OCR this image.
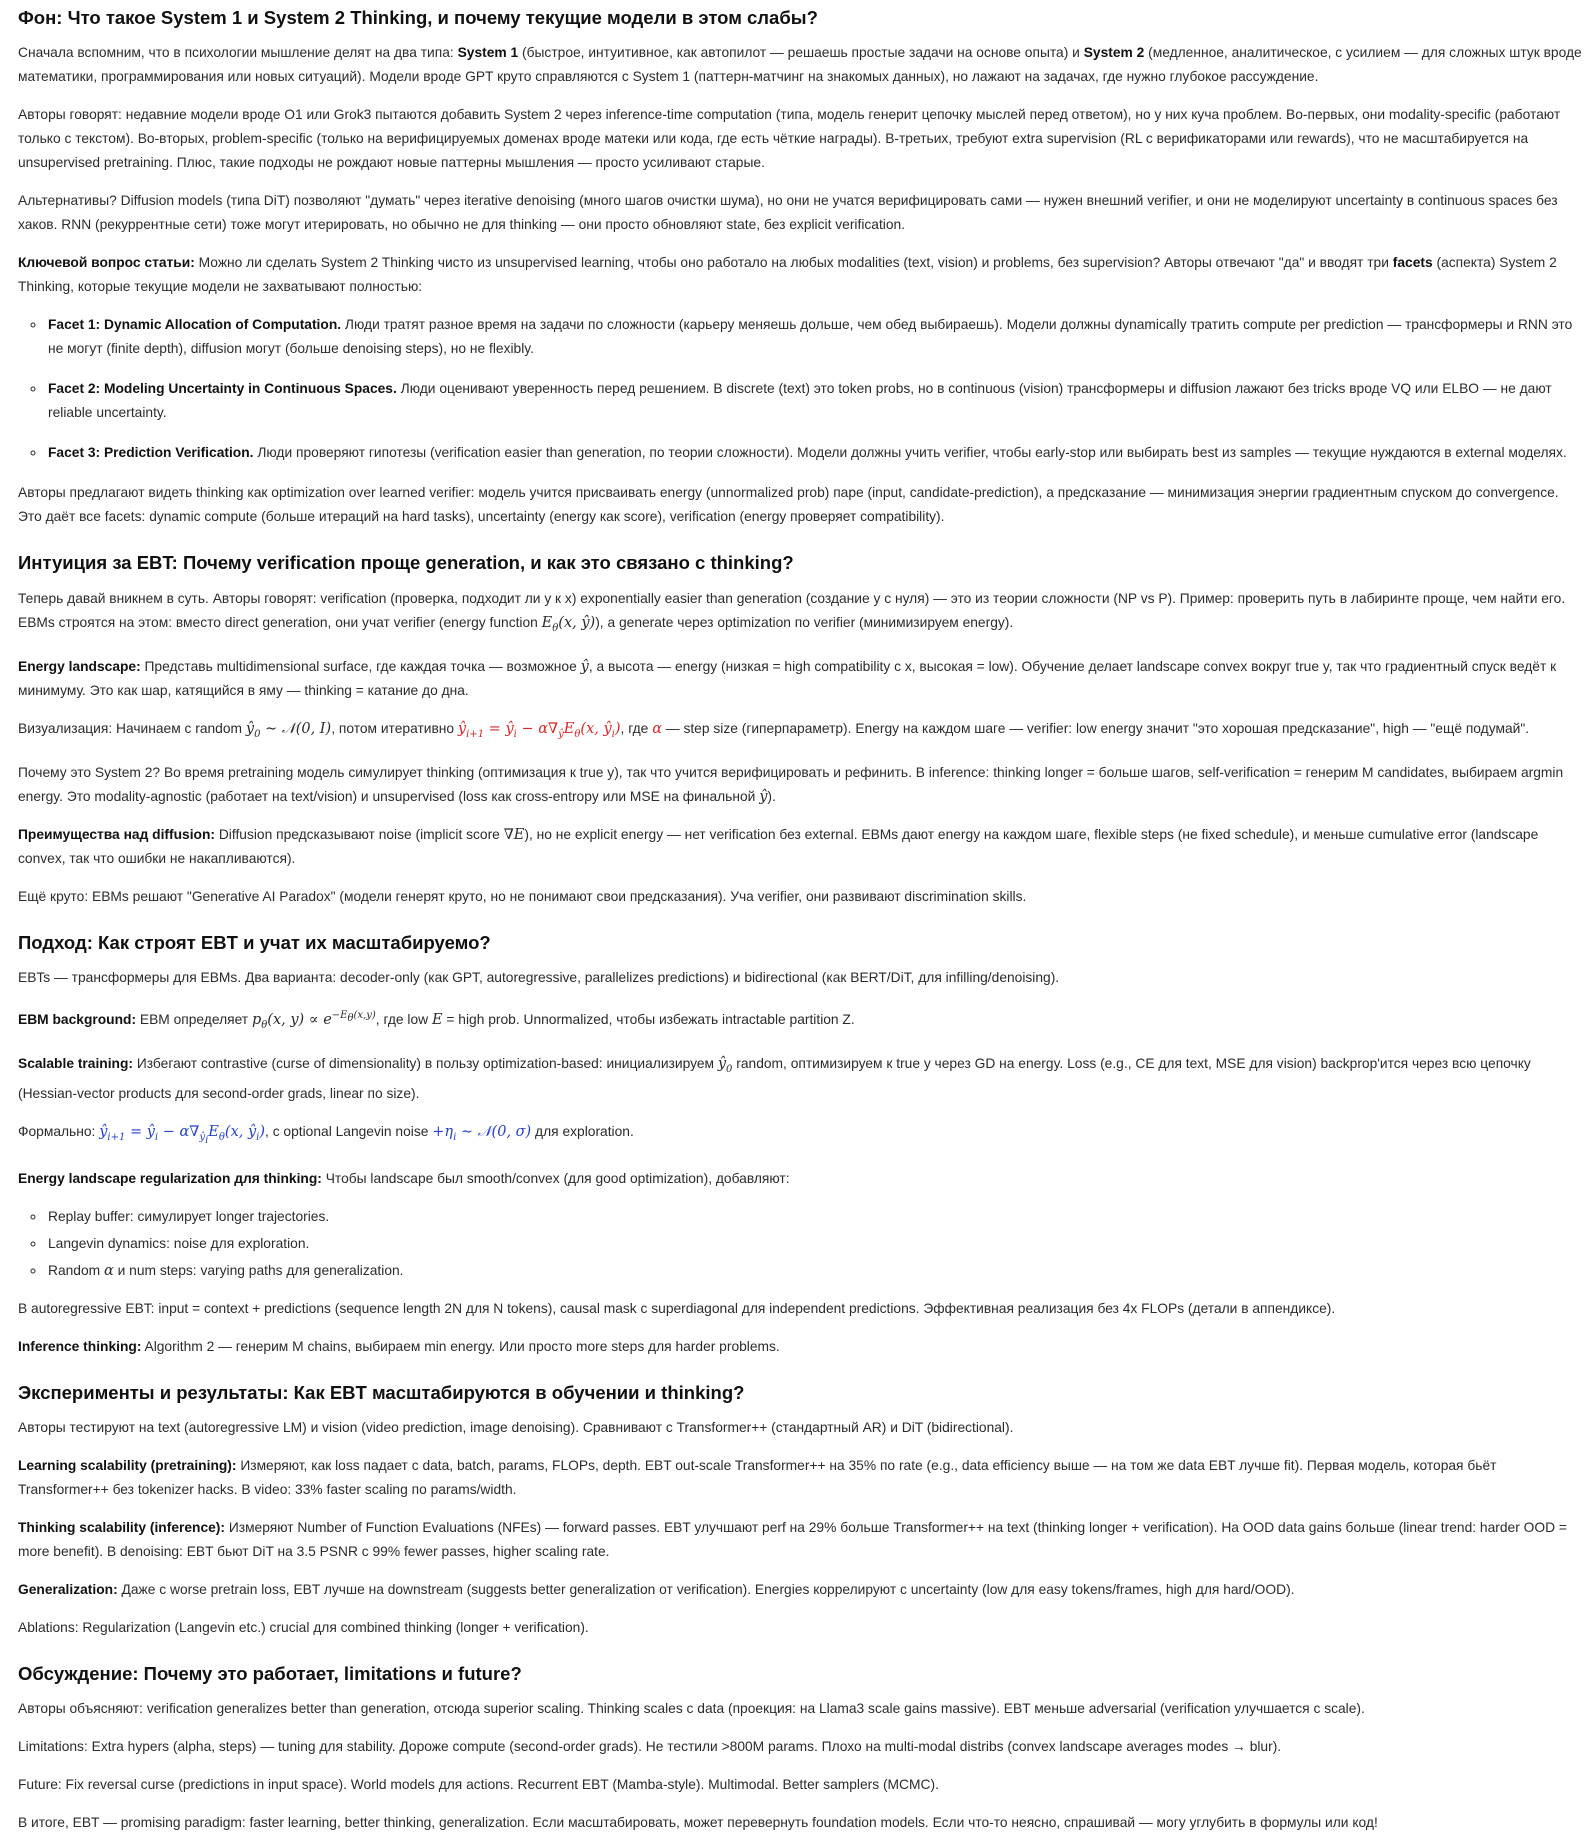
Фон: Что такое System 1 и System 2 Thinking, и почему текущие модели в этом слабы?

Сначала вспомним, что в психологии мышление делят на два типа: System 1 (быстрое, интуитивное, как автопилот — решаешь простые задачи на основе опыта) и System 2 (медленное, аналитическое, с усилием — для сложных штук вроде математики, программирования или новых ситуаций). Модели вроде GPT круто справляются с System 1 (паттерн-матчинг на знакомых данных), но лажают на задачах, где нужно глубокое рассуждение.

Авторы говорят: недавние модели вроде O1 или Grok3 пытаются добавить System 2 через inference-time computation (типа, модель генерит цепочку мыслей перед ответом), но у них куча проблем. Во-первых, они modality-specific (работают только с текстом). Во-вторых, problem-specific (только на верифицируемых доменах вроде матеки или кода, где есть чёткие награды). В-третьих, требуют extra supervision (RL с верификаторами или rewards), что не масштабируется на unsupervised pretraining. Плюс, такие подходы не рождают новые паттерны мышления — просто усиливают старые.

Альтернативы? Diffusion models (типа DiT) позволяют "думать" через iterative denoising (много шагов очистки шума), но они не учатся верифицировать сами — нужен внешний verifier, и они не моделируют uncertainty в continuous spaces без хаков. RNN (рекуррентные сети) тоже могут итерировать, но обычно не для thinking — они просто обновляют state, без explicit verification.

Ключевой вопрос статьи: Можно ли сделать System 2 Thinking чисто из unsupervised learning, чтобы оно работало на любых modalities (text, vision) и problems, без supervision? Авторы отвечают "да" и вводят три facets (аспекта) System 2 Thinking, которые текущие модели не захватывают полностью:

◦ Facet 1: Dynamic Allocation of Computation. Люди тратят разное время на задачи по сложности (карьеру меняешь дольше, чем обед выбираешь). Модели должны dynamically тратить compute per prediction — трансформеры и RNN это не могут (finite depth), diffusion могут (больше denoising steps), но не flexibly.
◦ Facet 2: Modeling Uncertainty in Continuous Spaces. Люди оценивают уверенность перед решением. В discrete (text) это token probs, но в continuous (vision) трансформеры и diffusion лажают без tricks вроде VQ или ELBO — не дают reliable uncertainty.
◦ Facet 3: Prediction Verification. Люди проверяют гипотезы (verification easier than generation, по теории сложности). Модели должны учить verifier, чтобы early-stop или выбирать best из samples — текущие нуждаются в external моделях.

Авторы предлагают видеть thinking как optimization over learned verifier: модель учится присваивать energy (unnormalized prob) паре (input, candidate-prediction), а предсказание — минимизация энергии градиентным спуском до convergence. Это даёт все facets: dynamic compute (больше итераций на hard tasks), uncertainty (energy как score), verification (energy проверяет compatibility).

Интуиция за EBT: Почему verification проще generation, и как это связано с thinking?

Теперь давай вникнем в суть. Авторы говорят: verification (проверка, подходит ли y к x) exponentially easier than generation (создание y с нуля) — это из теории сложности (NP vs P). Пример: проверить путь в лабиринте проще, чем найти его. EBMs строятся на этом: вместо direct generation, они учат verifier (energy function $E_\theta(x$, ŷ)), а generate через optimization по verifier (минимизируем energy).

Energy landscape: Представь multidimensional surface, где каждая точка — возможное ŷ, а высота — energy (низкая = high compatibility с x, высокая = low). Обучение делает landscape convex вокруг true y, так что градиентный спуск ведёт к минимуму. Это как шар, катящийся в яму — thinking = катание до дна.

Визуализация: Начинаем с random $ŷ_0$ ∼ 𝒩(0, I), потом итеративно $ŷ_{i+1}$ = $ŷ_i - \alpha\nabla_ŷE_\theta(x$, $ŷ_i$), где α — step size (гиперпараметр). Energy на каждом шаге — verifier: low energy значит "это хорошая предсказание", high — "ещё подумай".

Почему это System 2? Во время pretraining модель симулирует thinking (оптимизация к true y), так что учится верифицировать и рефинить. В inference: thinking longer = больше шагов, self-verification = генерим M candidates, выбираем argmin energy. Это modality-agnostic (работает на text/vision) и unsupervised (loss как cross-entropy или MSE на финальной ŷ).

Преимущества над diffusion: Diffusion предсказывают noise (implicit score ∇E), но не explicit energy — нет verification без external. EBMs дают energy на каждом шаге, flexible steps (не fixed schedule), и меньше cumulative error (landscape convex, так что ошибки не накапливаются).

Ещё круто: EBMs решают "Generative AI Paradox" (модели генерят круто, но не понимают свои предсказания). Уча verifier, они развивают discrimination skills.

Подход: Как строят EBT и учат их масштабируемо?

EBTs — трансформеры для EBMs. Два варианта: decoder-only (как GPT, autoregressive, parallelizes predictions) и bidirectional (как BERT/DiT, для infilling/denoising).

EBM background: EBM определяет $p_\theta(x$, $y) \propto e^{-E_\theta(x,y)}$, где low E = high prob. Unnormalized, чтобы избежать intractable partition Z.

Scalable training: Избегают contrastive (curse of dimensionality) в пользу optimization-based: инициализируем $ŷ_0$ random, оптимизируем к true y через GD на energy. Loss (e.g., CE для text, MSE для vision) backprop'ится через всю цепочку (Hessian-vector products для second-order grads, linear по size).

Формально: $ŷ_{i+1}$ = $ŷ_i - \alpha\nabla_{ŷ_i}E_\theta(x$, $ŷ_i$), с optional Langevin noise $+\eta_i$ ∼ 𝒩(0, σ) для exploration.

Energy landscape regularization для thinking: Чтобы landscape был smooth/convex (для good optimization), добавляют:

◦ Replay buffer: симулирует longer trajectories.
◦ Langevin dynamics: noise для exploration.
◦ Random α и num steps: varying paths для generalization.

В autoregressive EBT: input = context + predictions (sequence length 2N для N tokens), causal mask с superdiagonal для independent predictions. Эффективная реализация без 4x FLOPs (детали в аппендиксе).

Inference thinking: Algorithm 2 — генерим M chains, выбираем min energy. Или просто more steps для harder problems.

Эксперименты и результаты: Как EBT масштабируются в обучении и thinking?

Авторы тестируют на text (autoregressive LM) и vision (video prediction, image denoising). Сравнивают с Transformer++ (стандартный AR) и DiT (bidirectional).

Learning scalability (pretraining): Измеряют, как loss падает с data, batch, params, FLOPs, depth. EBT out-scale Transformer++ на 35% по rate (e.g., data efficiency выше — на том же data EBT лучше fit). Первая модель, которая бьёт Transformer++ без tokenizer hacks. В video: 33% faster scaling по params/width.

Thinking scalability (inference): Измеряют Number of Function Evaluations (NFEs) — forward passes. EBT улучшают perf на 29% больше Transformer++ на text (thinking longer + verification). На OOD data gains больше (linear trend: harder OOD = more benefit). В denoising: EBT бьют DiT на 3.5 PSNR с 99% fewer passes, higher scaling rate.

Generalization: Даже с worse pretrain loss, EBT лучше на downstream (suggests better generalization от verification). Energies коррелируют с uncertainty (low для easy tokens/frames, high для hard/OOD).

Ablations: Regularization (Langevin etc.) crucial для combined thinking (longer + verification).

Обсуждение: Почему это работает, limitations и future?

Авторы объясняют: verification generalizes better than generation, отсюда superior scaling. Thinking scales с data (проекция: на Llama3 scale gains massive). EBT меньше adversarial (verification улучшается с scale).

Limitations: Extra hypers (alpha, steps) — tuning для stability. Дороже compute (second-order grads). Не тестили >800M params. Плохо на multi-modal distribs (convex landscape averages modes → blur).

Future: Fix reversal curse (predictions in input space). World models для actions. Recurrent EBT (Mamba-style). Multimodal. Better samplers (MCMC).

В итоге, EBT — promising paradigm: faster learning, better thinking, generalization. Если масштабировать, может перевернуть foundation models. Если что-то неясно, спрашивай — могу углубить в формулы или код!
